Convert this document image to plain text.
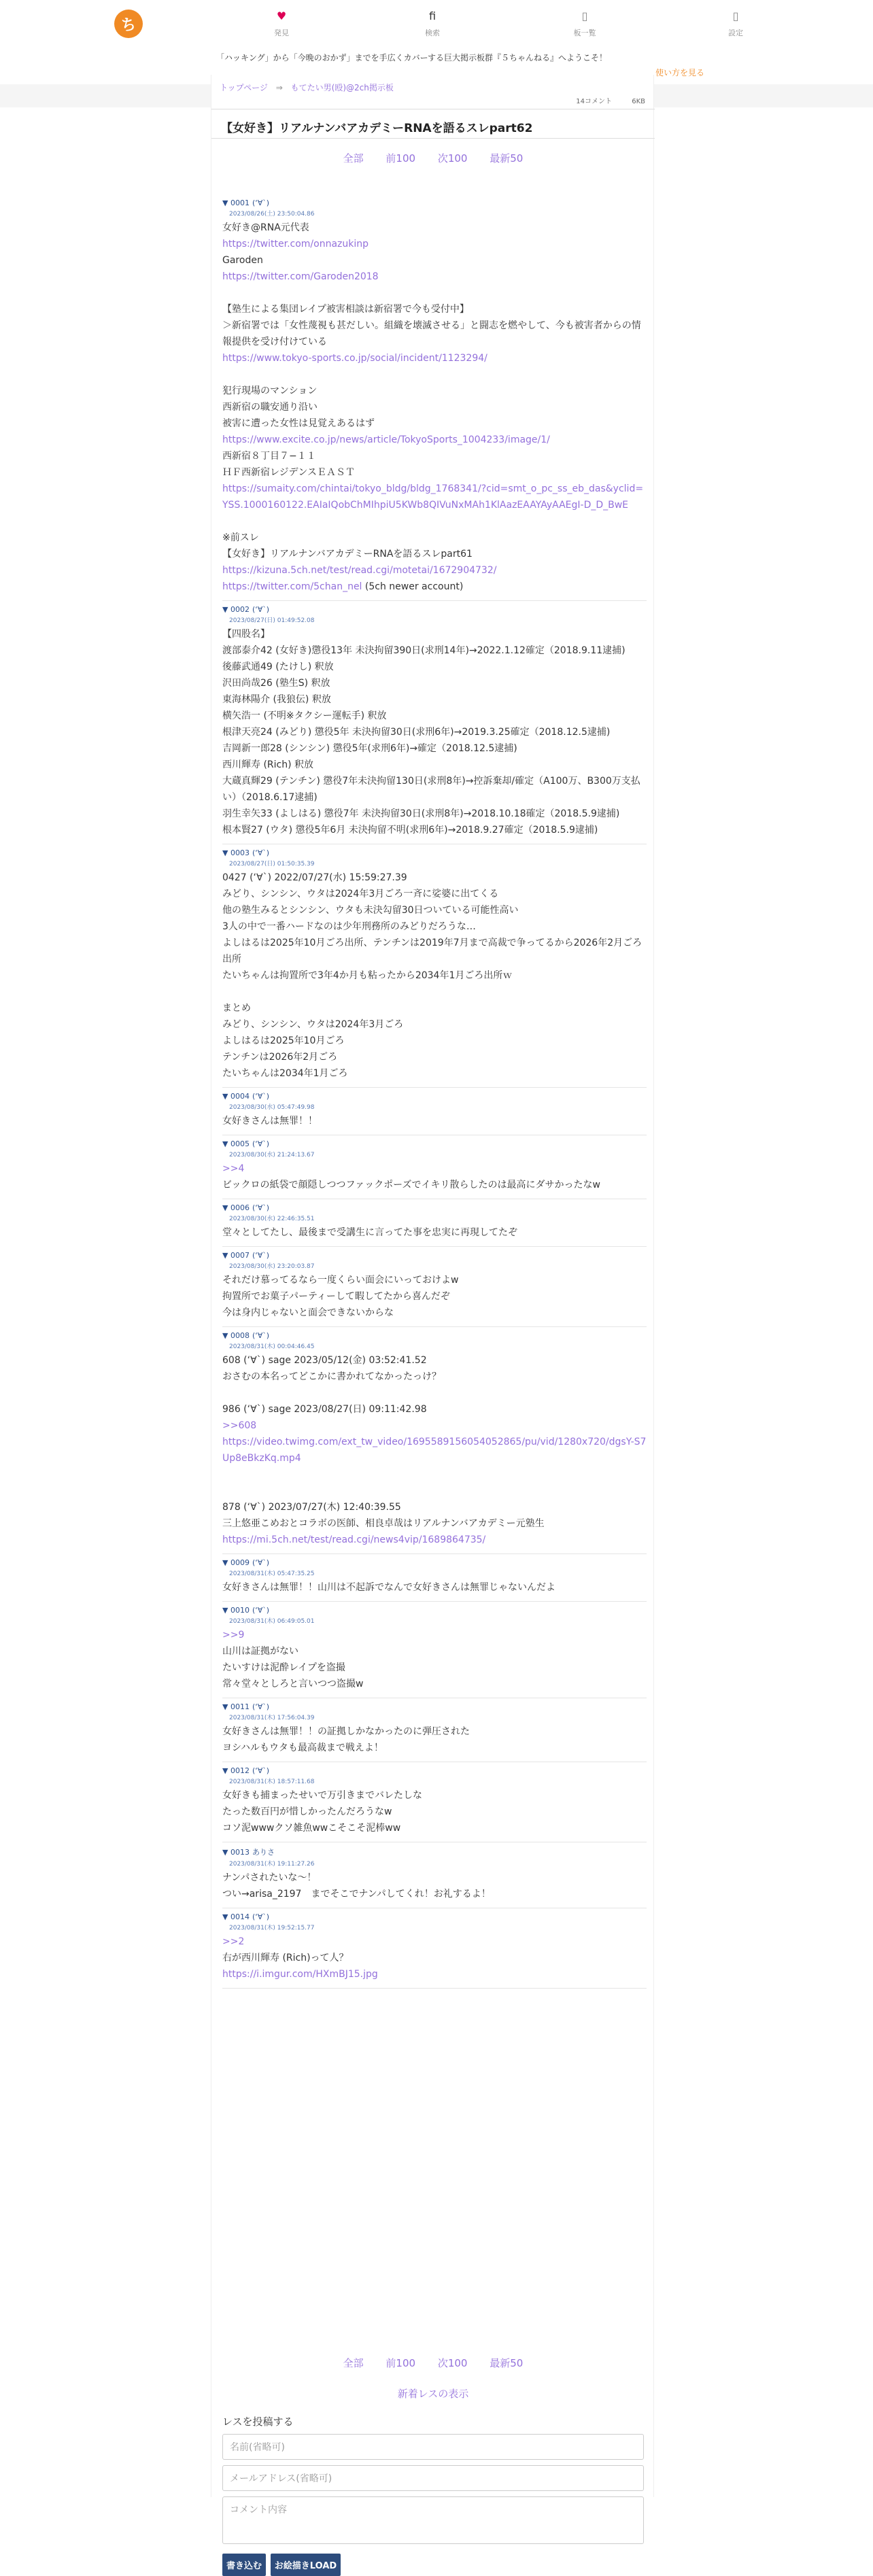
ち
♥
発見
fi
検索
▯
板一覧
▯
設定
「ハッキング」から「今晩のおかず」までを手広くカバーする巨大掲示板群『５ちゃんねる』へようこそ！
使い方を見る
トップページ ⇒ もてたい男(殴)@2ch掲示板
14コメント	6KB
【女好き】リアルナンバアカデミーRNAを語るスレpart62
全部 前100 次100 最新50
▼ 0001 (‘∀`)
2023/08/26(土) 23:50:04.86
女好き@RNA元代表
https://twitter.com/onnazukinp
Garoden
https://twitter.com/Garoden2018
【塾生による集団レイプ被害相談は新宿署で今も受付中】
＞新宿署では「女性蔑視も甚だしい。組織を壊滅させる」と闘志を燃やして、今も被害者からの情報提供を受け付けている
https://www.tokyo-sports.co.jp/social/incident/1123294/
犯行現場のマンション
西新宿の職安通り沿い
被害に遭った女性は見覚えあるはず
https://www.excite.co.jp/news/article/TokyoSports_1004233/image/1/
西新宿８丁目７−１１
ＨＦ西新宿レジデンスＥＡＳＴ
https://sumaity.com/chintai/tokyo_bldg/bldg_1768341/?cid=smt_o_pc_ss_eb_das&yclid=YSS.1000160122.EAIaIQobChMIhpiU5KWb8QIVuNxMAh1KlAazEAAYAyAAEgI-D_D_BwE
※前スレ
【女好き】リアルナンバアカデミーRNAを語るスレpart61
https://kizuna.5ch.net/test/read.cgi/motetai/1672904732/
https://twitter.com/5chan_nel (5ch newer account)
▼ 0002 (‘∀`)
2023/08/27(日) 01:49:52.08
【四股名】
渡部泰介42 (女好き)懲役13年 未決拘留390日(求刑14年)→2022.1.12確定（2018.9.11逮捕)
後藤武通49 (たけし) 釈放
沢田尚哉26 (塾生S) 釈放
東海林陽介 (我狼伝) 釈放
横矢浩一 (不明※タクシー運転手) 釈放
根津天亮24 (みどり) 懲役5年 未決拘留30日(求刑6年)→2019.3.25確定（2018.12.5逮捕)
吉岡新一郎28 (シンシン) 懲役5年(求刑6年)→確定（2018.12.5逮捕)
西川輝寿 (Rich) 釈放
大蔵真輝29 (テンチン) 懲役7年未決拘留130日(求刑8年)→控訴棄却/確定（A100万、B300万支払い）（2018.6.17逮捕)
羽生幸矢33 (よしはる) 懲役7年 未決拘留30日(求刑8年)→2018.10.18確定（2018.5.9逮捕)
根本賢27 (ウタ) 懲役5年6月 未決拘留不明(求刑6年)→2018.9.27確定（2018.5.9逮捕)
▼ 0003 (‘∀`)
2023/08/27(日) 01:50:35.39
0427 (‘∀`) 2022/07/27(水) 15:59:27.39
みどり、シンシン、ウタは2024年3月ごろ一斉に娑婆に出てくる
他の塾生みるとシンシン、ウタも未決勾留30日ついている可能性高い
3人の中で一番ハードなのは少年刑務所のみどりだろうな…
よしはるは2025年10月ごろ出所、テンチンは2019年7月まで高裁で争ってるから2026年2月ごろ出所
たいちゃんは拘置所で3年4か月も粘ったから2034年1月ごろ出所ｗ
まとめ
みどり、シンシン、ウタは2024年3月ごろ
よしはるは2025年10月ごろ
テンチンは2026年2月ごろ
たいちゃんは2034年1月ごろ
▼ 0004 (‘∀`)
2023/08/30(水) 05:47:49.98
女好きさんは無罪！！
▼ 0005 (‘∀`)
2023/08/30(水) 21:24:13.67
>>4
ビックロの紙袋で顔隠しつつファックポーズでイキリ散らしたのは最高にダサかったなw
▼ 0006 (‘∀`)
2023/08/30(水) 22:46:35.51
堂々としてたし、最後まで受講生に言ってた事を忠実に再現してたぞ
▼ 0007 (‘∀`)
2023/08/30(水) 23:20:03.87
それだけ慕ってるなら一度くらい面会にいっておけよw
拘置所でお菓子パーティーして暇してたから喜んだぞ
今は身内じゃないと面会できないからな
▼ 0008 (‘∀`)
2023/08/31(木) 00:04:46.45
608 (‘∀`) sage 2023/05/12(金) 03:52:41.52
おさむの本名ってどこかに書かれてなかったっけ？
986 (‘∀`) sage 2023/08/27(日) 09:11:42.98
>>608
https://video.twimg.com/ext_tw_video/1695589156054052865/pu/vid/1280x720/dgsY-S7Up8eBkzKq.mp4
878 (‘∀`) 2023/07/27(木) 12:40:39.55
三上悠亜こめおとコラボの医師、相良卓哉はリアルナンバアカデミー元塾生
https://mi.5ch.net/test/read.cgi/news4vip/1689864735/
▼ 0009 (‘∀`)
2023/08/31(木) 05:47:35.25
女好きさんは無罪！！山川は不起訴でなんで女好きさんは無罪じゃないんだよ
▼ 0010 (‘∀`)
2023/08/31(木) 06:49:05.01
>>9
山川は証拠がない
たいすけは泥酔レイプを盗撮
常々堂々としろと言いつつ盗撮w
▼ 0011 (‘∀`)
2023/08/31(木) 17:56:04.39
女好きさんは無罪！！の証拠しかなかったのに弾圧された
ヨシハルもウタも最高裁まで戦えよ！
▼ 0012 (‘∀`)
2023/08/31(木) 18:57:11.68
女好きも捕まったせいで万引きまでバレたしな
たった数百円が惜しかったんだろうなw
コソ泥wwwクソ雑魚wwこそこそ泥棒ww
▼ 0013 ありさ
2023/08/31(木) 19:11:27.26
ナンパされたいな〜！
つい→arisa_2197　までそこでナンパしてくれ！お礼するよ！
▼ 0014 (‘∀`)
2023/08/31(木) 19:52:15.77
>>2
右が西川輝寿 (Rich)って人？
https://i.imgur.com/HXmBJ15.jpg
全部 前100 次100 最新50
新着レスの表示
レスを投稿する
名前(省略可)
メールアドレス(省略可)
コメント内容
書き込む お絵描きLOAD
